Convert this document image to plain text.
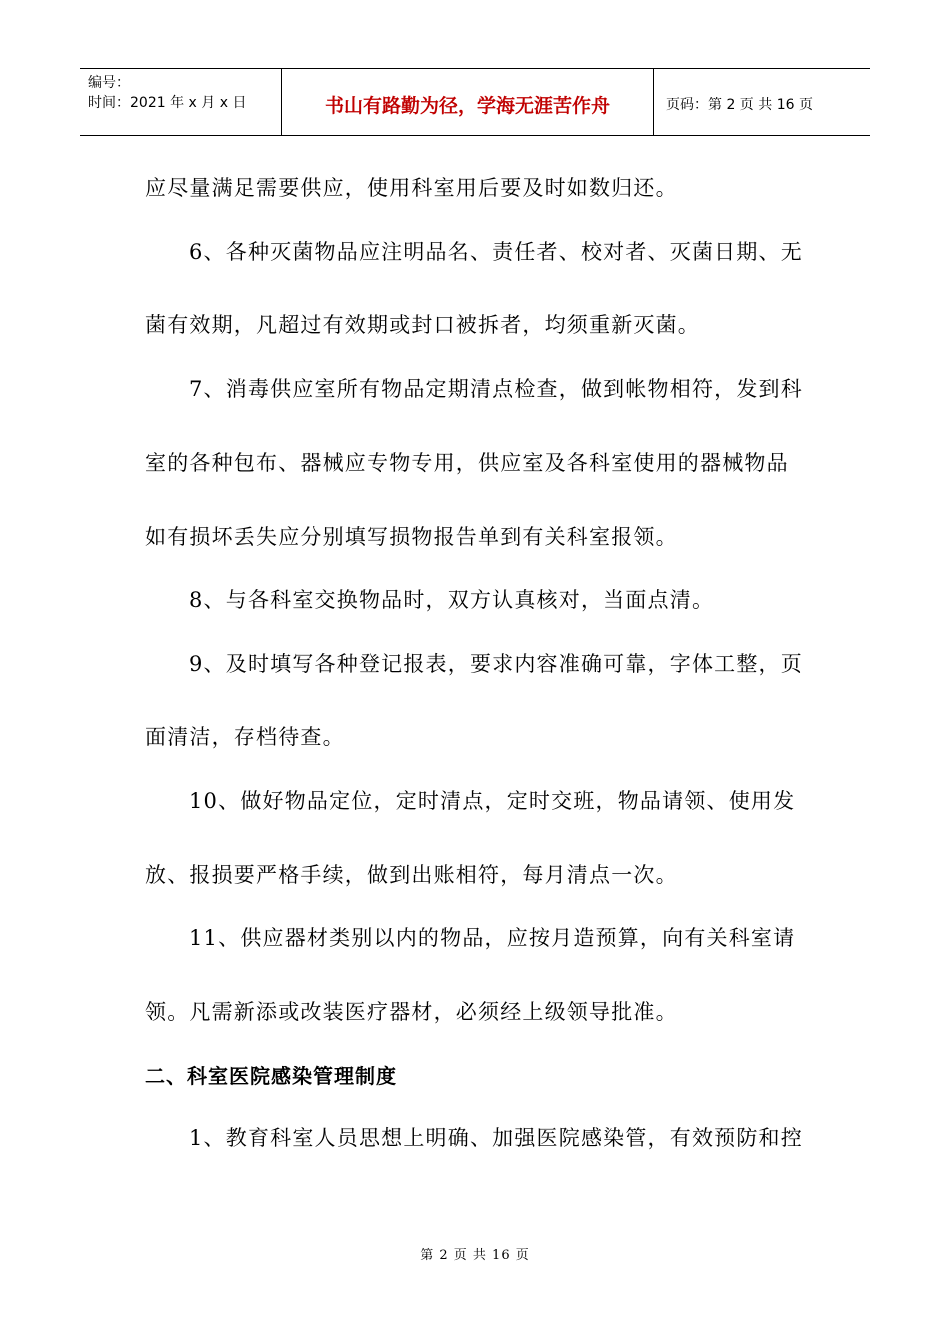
编号：
时间：2021 年 x 月 x 日	书山有路勤为径，学海无涯苦作舟	页码：第 2 页 共 16 页
应尽量满足需要供应，使用科室用后要及时如数归还。
6、各种灭菌物品应注明品名、责任者、校对者、灭菌日期、无
菌有效期，凡超过有效期或封口被拆者，均须重新灭菌。
7、消毒供应室所有物品定期清点检查，做到帐物相符，发到科
室的各种包布、器械应专物专用，供应室及各科室使用的器械物品
如有损坏丢失应分别填写损物报告单到有关科室报领。
8、与各科室交换物品时，双方认真核对，当面点清。
9、及时填写各种登记报表，要求内容准确可靠，字体工整，页
面清洁，存档待查。
10、做好物品定位，定时清点，定时交班，物品请领、使用发
放、报损要严格手续，做到出账相符，每月清点一次。
11、供应器材类别以内的物品，应按月造预算，向有关科室请
领。凡需新添或改装医疗器材，必须经上级领导批准。
二、科室医院感染管理制度
1、教育科室人员思想上明确、加强医院感染管，有效预防和控
第 2 页 共 16 页
